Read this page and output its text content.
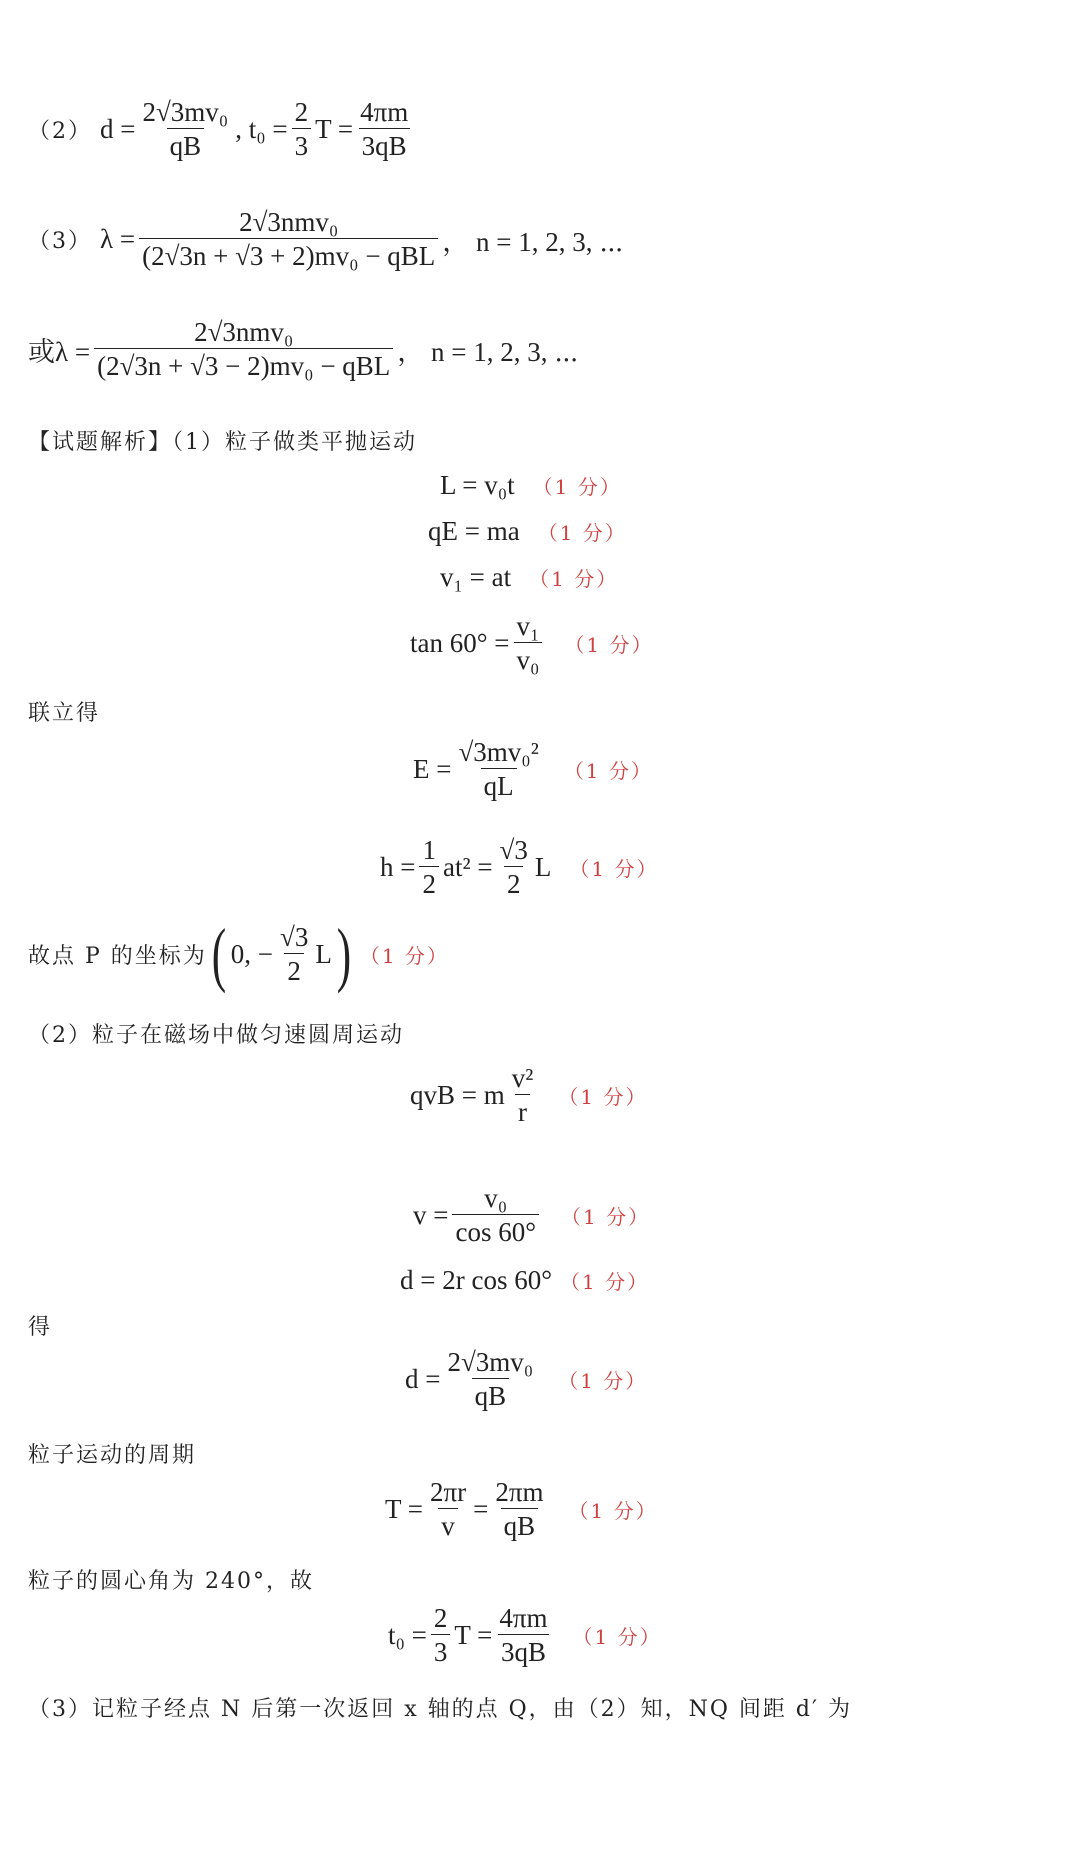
（2） $d = \frac{\text{2√3mv₀}}{qB}$ , $t_0 = \frac{2}{3}$ $T = \frac{4\pi m}{3qB}$
（3） $\lambda = \frac{\text{2√3nmv₀}}{\text{(2√3n + √3 + 2)mv₀ − qBL}}$ ， n = 1, 2, 3, ⋯
或$\lambda = \frac{\text{2√3nmv₀}}{\text{(2√3n + √3 − 2)mv₀ − qBL}}$ ， n = 1, 2, 3, ⋯
【试题解析】（1）粒子做类平抛运动
L = v₀t （1 分）
qE = ma （1 分）
v₁ = at （1 分）
$\tan 60^\circ = \frac{\text{v₁}}{\text{v₀}} (1$ 分）
联立得
$E = \frac{\text{√3mv₀²}}{qL} (1$ 分）
$h = \frac{1}{2} at^2 = \frac{√3}{2}$ L （1 分）
故点 P 的坐标为 ( 0, − $\frac{√3}{2}$ L ) （1 分）
（2）粒子在磁场中做匀速圆周运动
qvB = m $\frac{\text{v²}}{r} (1$ 分）
$v = \frac{\text{v₀}}{\cos 60^\circ} (1$ 分）
d = 2r cos 60° （1 分）
得
$d = \frac{\text{2√3mv₀}}{qB} (1$ 分）
粒子运动的周期
$T = \frac{2\pi r}{v} = \frac{2\pi m}{qB} (1$ 分）
粒子的圆心角为 240°，故
$t_0 = \frac{2}{3}$ $T = \frac{4\pi m}{3qB} (1$ 分）
（3）记粒子经点 N 后第一次返回 x 轴的点 Q，由（2）知，NQ 间距 d′ 为
